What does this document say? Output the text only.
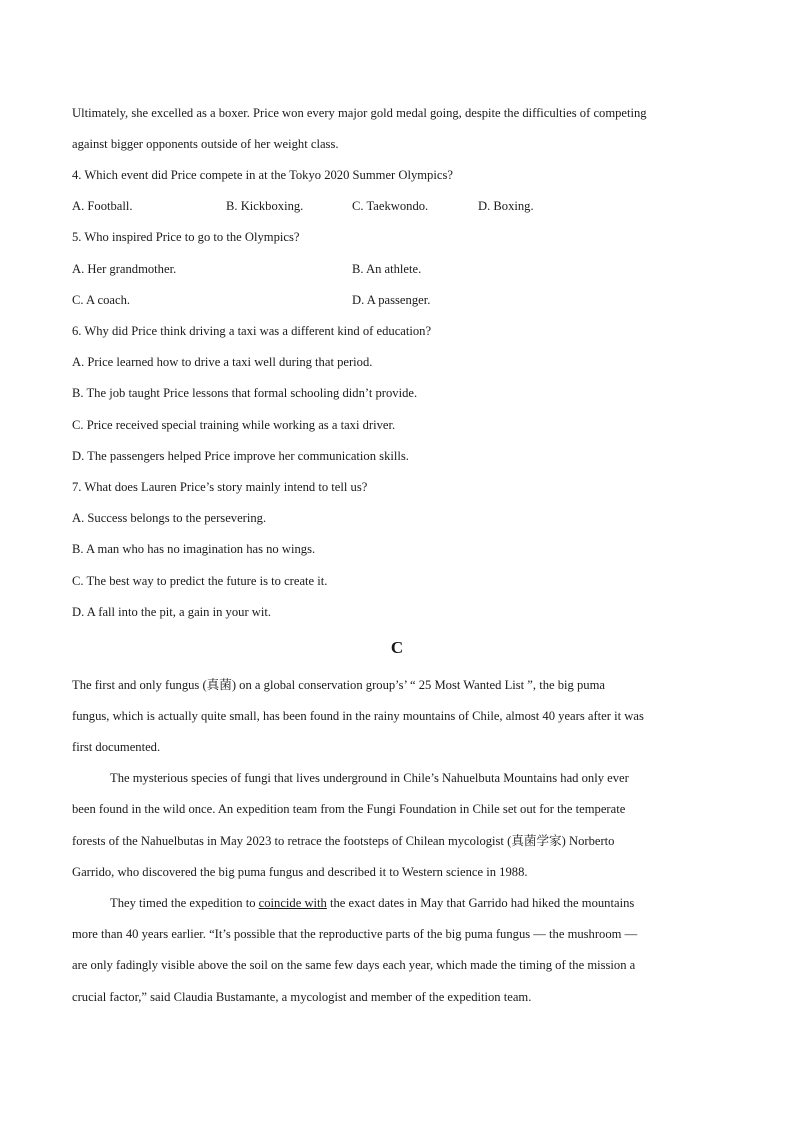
Ultimately, she excelled as a boxer. Price won every major gold medal going, despite the difficulties of competing
against bigger opponents outside of her weight class.
4. Which event did Price compete in at the Tokyo 2020 Summer Olympics?
A. Football.	B. Kickboxing.	C. Taekwondo.	D. Boxing.
5. Who inspired Price to go to the Olympics?
A. Her grandmother.	B. An athlete.
C. A coach.	D. A passenger.
6. Why did Price think driving a taxi was a different kind of education?
A. Price learned how to drive a taxi well during that period.
B. The job taught Price lessons that formal schooling didn’t provide.
C. Price received special training while working as a taxi driver.
D. The passengers helped Price improve her communication skills.
7. What does Lauren Price’s story mainly intend to tell us?
A. Success belongs to the persevering.
B. A man who has no imagination has no wings.
C. The best way to predict the future is to create it.
D. A fall into the pit, a gain in your wit.
C
The first and only fungus (真菌) on a global conservation group’s’ “ 25 Most Wanted List ”, the big puma
fungus, which is actually quite small, has been found in the rainy mountains of Chile, almost 40 years after it was
first documented.
The mysterious species of fungi that lives underground in Chile’s Nahuelbuta Mountains had only ever
been found in the wild once. An expedition team from the Fungi Foundation in Chile set out for the temperate
forests of the Nahuelbutas in May 2023 to retrace the footsteps of Chilean mycologist (真菌学家) Norberto
Garrido, who discovered the big puma fungus and described it to Western science in 1988.
They timed the expedition to coincide with the exact dates in May that Garrido had hiked the mountains
more than 40 years earlier. “It’s possible that the reproductive parts of the big puma fungus — the mushroom —
are only fadingly visible above the soil on the same few days each year, which made the timing of the mission a
crucial factor,” said Claudia Bustamante, a mycologist and member of the expedition team.
